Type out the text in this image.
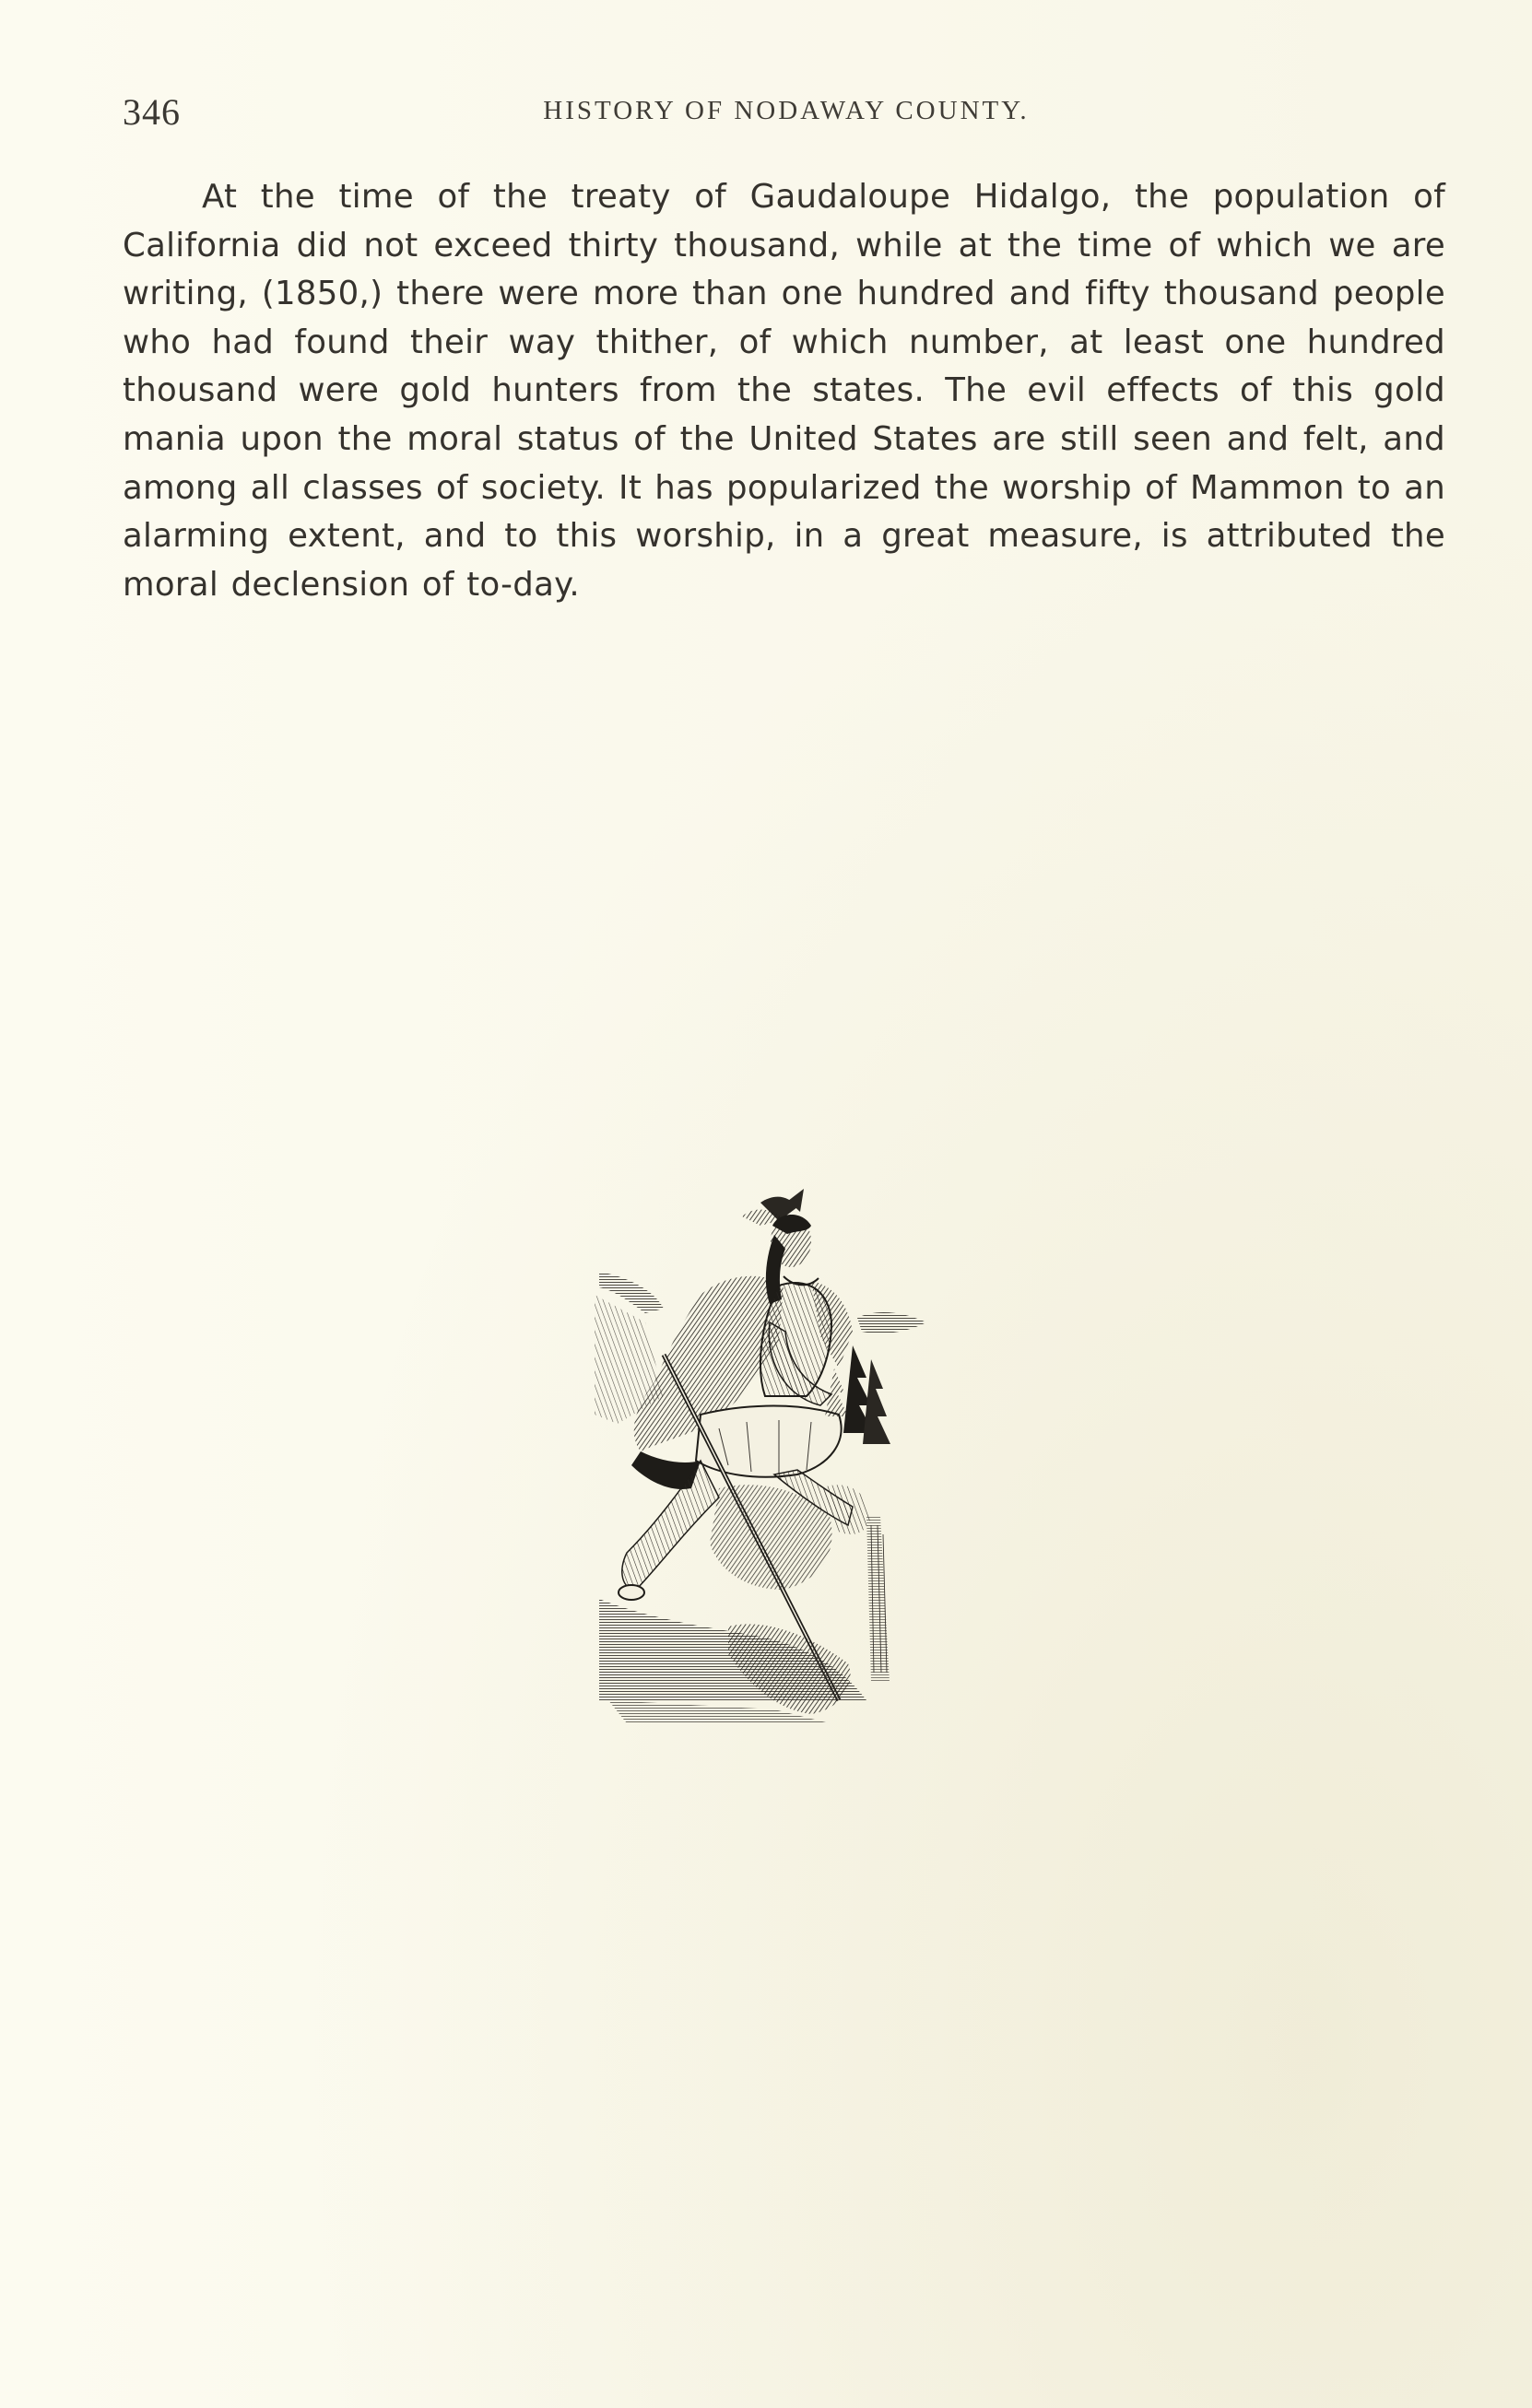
346	HISTORY OF NODAWAY COUNTY.

At the time of the treaty of Gaudaloupe Hidalgo, the population of California did not exceed thirty thousand, while at the time of which we are writing, (1850,) there were more than one hundred and fifty thousand people who had found their way thither, of which number, at least one hundred thousand were gold hunters from the states. The evil effects of this gold mania upon the moral status of the United States are still seen and felt, and among all classes of society. It has popularized the worship of Mammon to an alarming extent, and to this worship, in a great measure, is attributed the moral declension of to-day.
